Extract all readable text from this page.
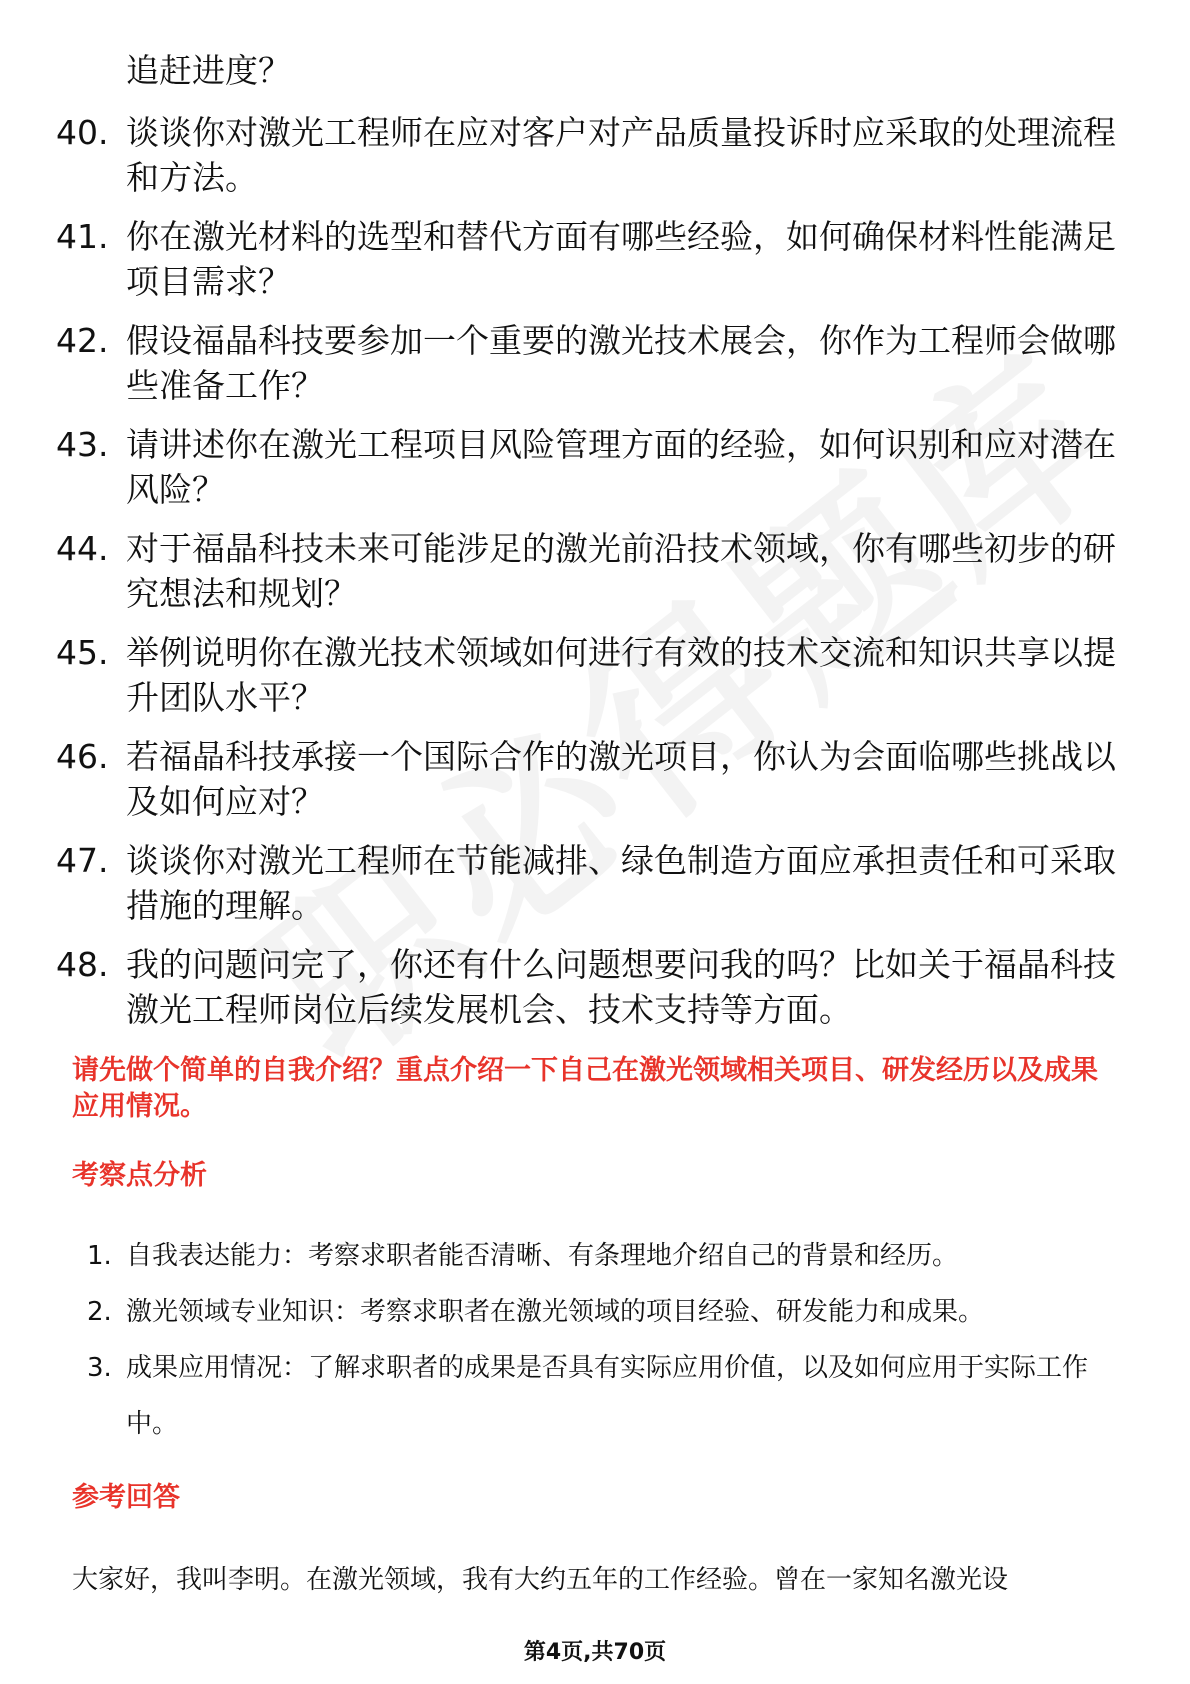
追赶进度？

40. 谈谈你对激光工程师在应对客户对产品质量投诉时应采取的处理流程和方法。

41. 你在激光材料的选型和替代方面有哪些经验，如何确保材料性能满足项目需求？

42. 假设福晶科技要参加一个重要的激光技术展会，你作为工程师会做哪些准备工作？

43. 请讲述你在激光工程项目风险管理方面的经验，如何识别和应对潜在风险？

44. 对于福晶科技未来可能涉足的激光前沿技术领域，你有哪些初步的研究想法和规划？

45. 举例说明你在激光技术领域如何进行有效的技术交流和知识共享以提升团队水平？

46. 若福晶科技承接一个国际合作的激光项目，你认为会面临哪些挑战以及如何应对？

47. 谈谈你对激光工程师在节能减排、绿色制造方面应承担责任和可采取措施的理解。

48. 我的问题问完了，你还有什么问题想要问我的吗？比如关于福晶科技激光工程师岗位后续发展机会、技术支持等方面。

请先做个简单的自我介绍？重点介绍一下自己在激光领域相关项目、研发经历以及成果应用情况。

考察点分析

1. 自我表达能力：考察求职者能否清晰、有条理地介绍自己的背景和经历。

2. 激光领域专业知识：考察求职者在激光领域的项目经验、研发能力和成果。

3. 成果应用情况：了解求职者的成果是否具有实际应用价值，以及如何应用于实际工作中。

参考回答

大家好，我叫李明。在激光领域，我有大约五年的工作经验。曾在一家知名激光设

第4页,共70页
